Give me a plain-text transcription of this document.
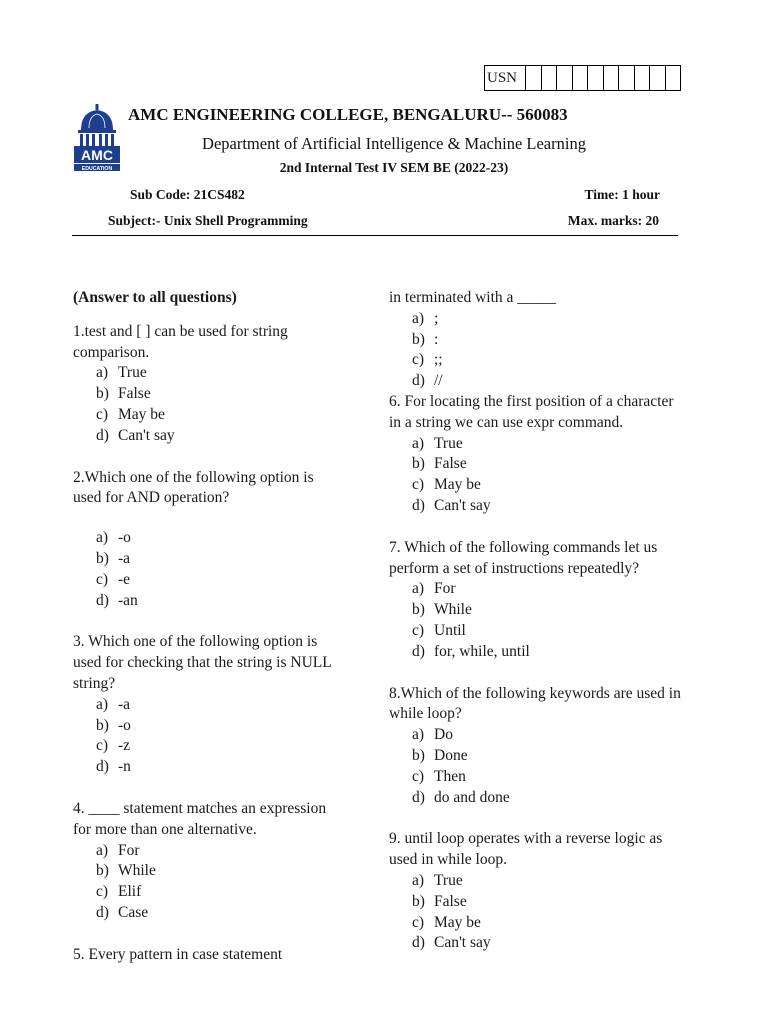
USN										
AMC
EDUCATION
AMC ENGINEERING COLLEGE, BENGALURU-- 560083
Department of Artificial Intelligence & Machine Learning
2nd Internal Test IV SEM BE (2022-23)
Sub Code: 21CS482	Time: 1 hour
Subject:- Unix Shell Programming	Max. marks: 20

(Answer to all questions)

1.test and [ ] can be used for string comparison.

a) True
b) False
c) May be
d) Can't say

2.Which one of the following option is used for AND operation?

a) -o
b) -a
c) -e
d) -an

3. Which one of the following option is used for checking that the string is NULL string?

a) -a
b) -o
c) -z
d) -n

4. ____ statement matches an expression for more than one alternative.

a) For
b) While
c) Elif
d) Case

5. Every pattern in case statement

in terminated with a _____

a) ;
b) :
c) ;;
d) //

6. For locating the first position of a character in a string we can use expr command.

a) True
b) False
c) May be
d) Can't say

7. Which of the following commands let us perform a set of instructions repeatedly?

a) For
b) While
c) Until
d) for, while, until

8.Which of the following keywords are used in while loop?

a) Do
b) Done
c) Then
d) do and done

9. until loop operates with a reverse logic as used in while loop.

a) True
b) False
c) May be
d) Can't say
